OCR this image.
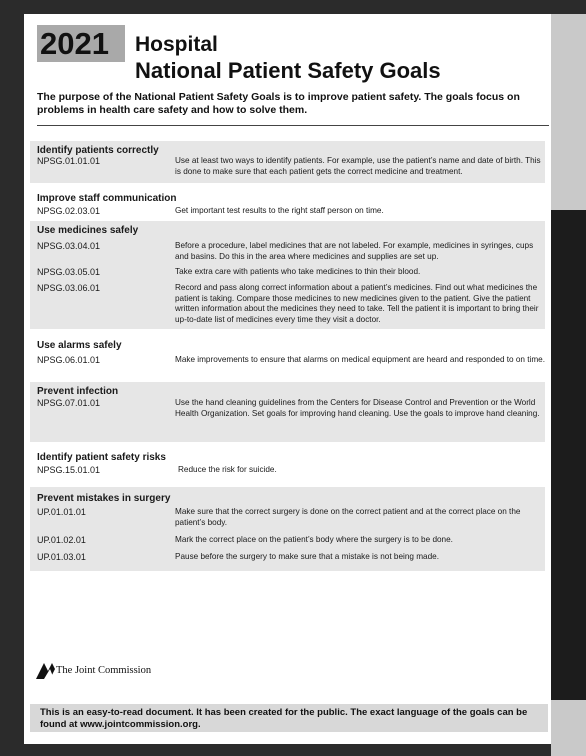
2021 Hospital
National Patient Safety Goals
The purpose of the National Patient Safety Goals is to improve patient safety. The goals focus on problems in health care safety and how to solve them.
Identify patients correctly
NPSG.01.01.01	Use at least two ways to identify patients. For example, use the patient’s name and date of birth. This is done to make sure that each patient gets the correct medicine and treatment.
Improve staff communication
NPSG.02.03.01	Get important test results to the right staff person on time.
Use medicines safely
NPSG.03.04.01	Before a procedure, label medicines that are not labeled. For example, medicines in syringes, cups and basins. Do this in the area where medicines and supplies are set up.
NPSG.03.05.01	Take extra care with patients who take medicines to thin their blood.
NPSG.03.06.01	Record and pass along correct information about a patient’s medicines. Find out what medicines the patient is taking. Compare those medicines to new medicines given to the patient. Give the patient written information about the medicines they need to take. Tell the patient it is important to bring their up-to-date list of medicines every time they visit a doctor.
Use alarms safely
NPSG.06.01.01	Make improvements to ensure that alarms on medical equipment are heard and responded to on time.
Prevent infection
NPSG.07.01.01	Use the hand cleaning guidelines from the Centers for Disease Control and Prevention or the World Health Organization. Set goals for improving hand cleaning. Use the goals to improve hand cleaning.
Identify patient safety risks
NPSG.15.01.01	Reduce the risk for suicide.
Prevent mistakes in surgery
UP.01.01.01	Make sure that the correct surgery is done on the correct patient and at the correct place on the patient’s body.
UP.01.02.01	Mark the correct place on the patient’s body where the surgery is to be done.
UP.01.03.01	Pause before the surgery to make sure that a mistake is not being made.
The Joint Commission
This is an easy-to-read document. It has been created for the public. The exact language of the goals can be found at www.jointcommission.org.
